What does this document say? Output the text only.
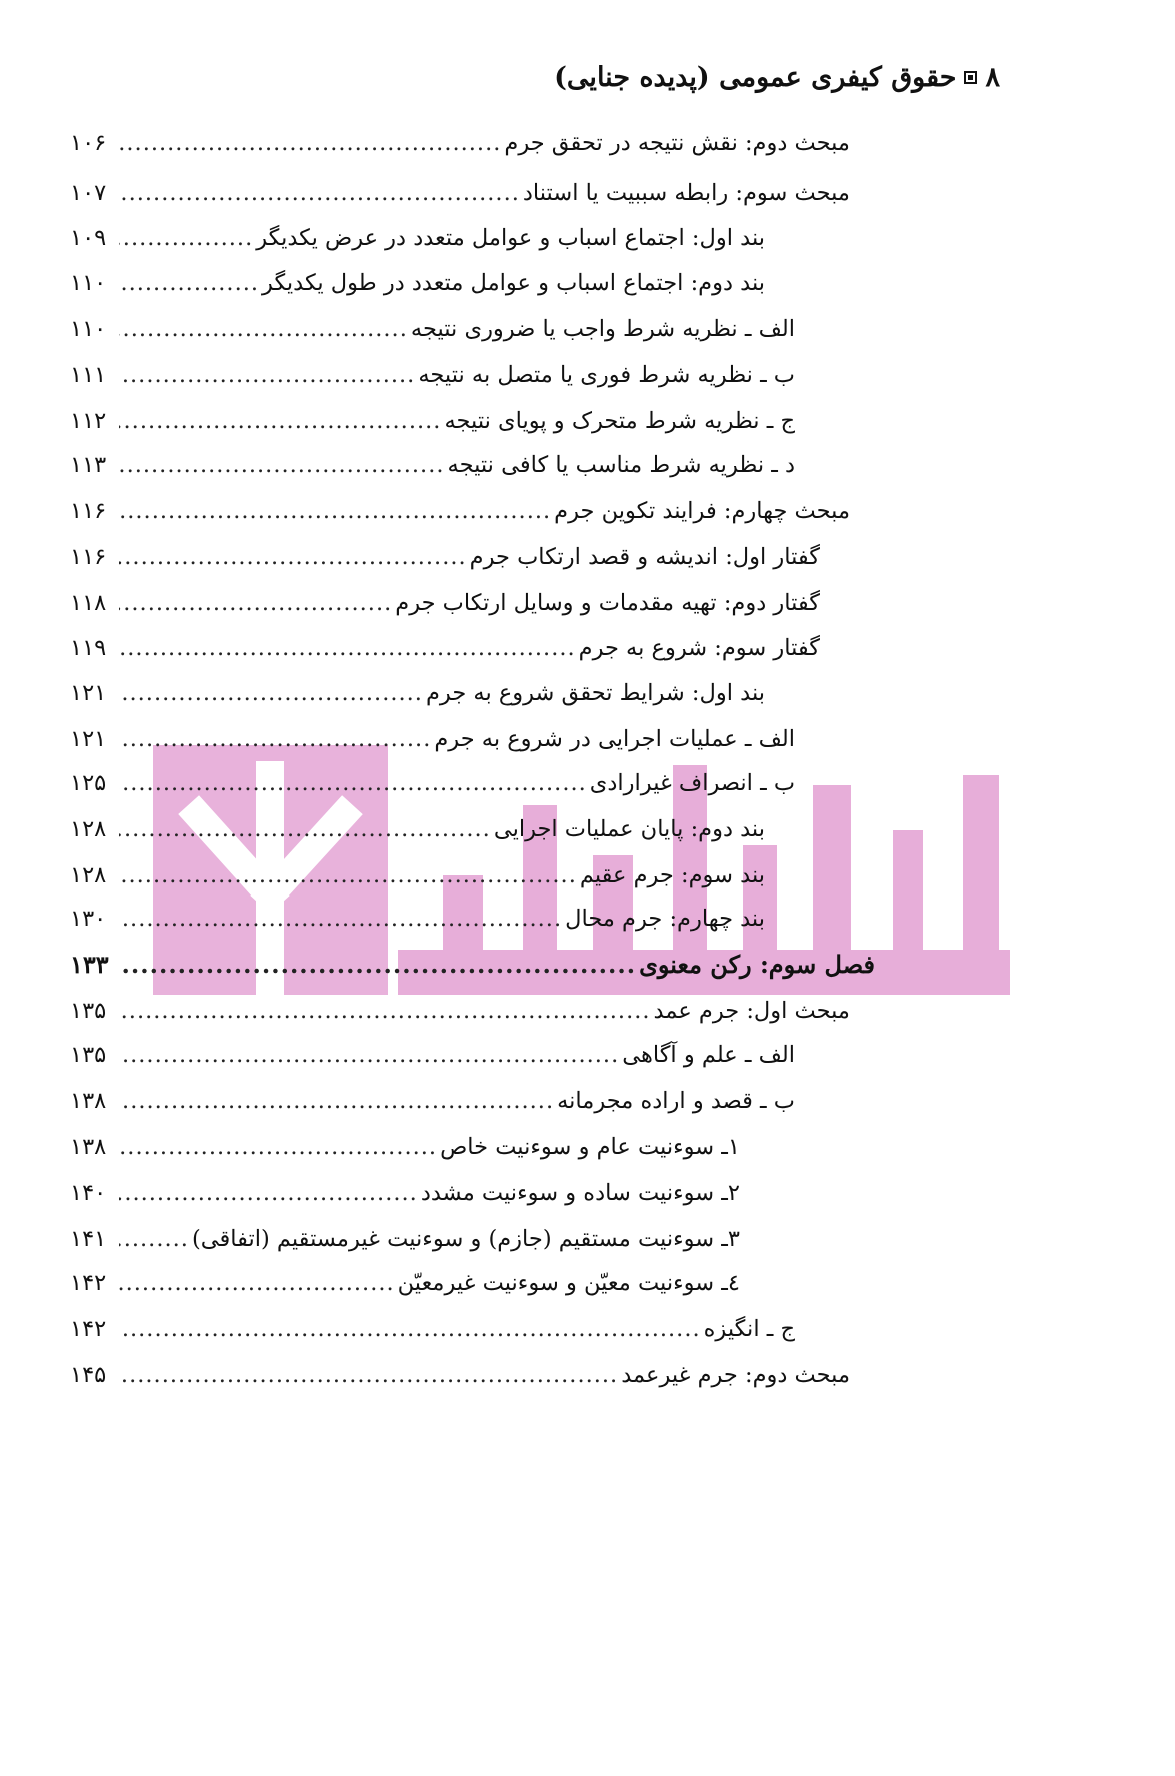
۸
حقوق کیفری عمومی (پدیده جنایی)
مبحث دوم: نقش نتیجه در تحقق جرم
.....
۱۰۶
مبحث سوم: رابطه سببیت یا استناد
.....
۱۰۷
بند اول: اجتماع اسباب و عوامل متعدد در عرض یکدیگر
.....
۱۰۹
بند دوم: اجتماع اسباب و عوامل متعدد در طول یکدیگر
.....
۱۱۰
الف ـ نظریه شرط واجب یا ضروری نتیجه
.....
۱۱۰
ب ـ نظریه شرط فوری یا متصل به نتیجه
.....
۱۱۱
ج ـ نظریه شرط متحرک و پویای نتیجه
.....
۱۱۲
د ـ نظریه شرط مناسب یا کافی نتیجه
.....
۱۱۳
مبحث چهارم: فرایند تکوین جرم
.....
۱۱۶
گفتار اول: اندیشه و قصد ارتکاب جرم
.....
۱۱۶
گفتار دوم: تهیه مقدمات و وسایل ارتکاب جرم
.....
۱۱۸
گفتار سوم: شروع به جرم
.....
۱۱۹
بند اول: شرایط تحقق شروع به جرم
.....
۱۲۱
الف ـ عملیات اجرایی در شروع به جرم
.....
۱۲۱
ب ـ انصراف غیرارادی
.....
۱۲۵
بند دوم: پایان عملیات اجرایی
.....
۱۲۸
بند سوم: جرم عقیم
.....
۱۲۸
بند چهارم: جرم محال
.....
۱۳۰
فصل سوم: رکن معنوی
.....
۱۳۳
مبحث اول: جرم عمد
.....
۱۳۵
الف ـ علم و آگاهی
.....
۱۳۵
ب ـ قصد و اراده مجرمانه
.....
۱۳۸
۱ـ سوءنیت عام و سوءنیت خاص
.....
۱۳۸
۲ـ سوءنیت ساده و سوءنیت مشدد
.....
۱۴۰
۳ـ سوءنیت مستقیم (جازم) و سوءنیت غیرمستقیم (اتفاقی)
.....
۱۴۱
٤ـ سوءنیت معیّن و سوءنیت غیرمعیّن
.....
۱۴۲
ج ـ انگیزه
.....
۱۴۲
مبحث دوم: جرم غیرعمد
.....
۱۴۵
